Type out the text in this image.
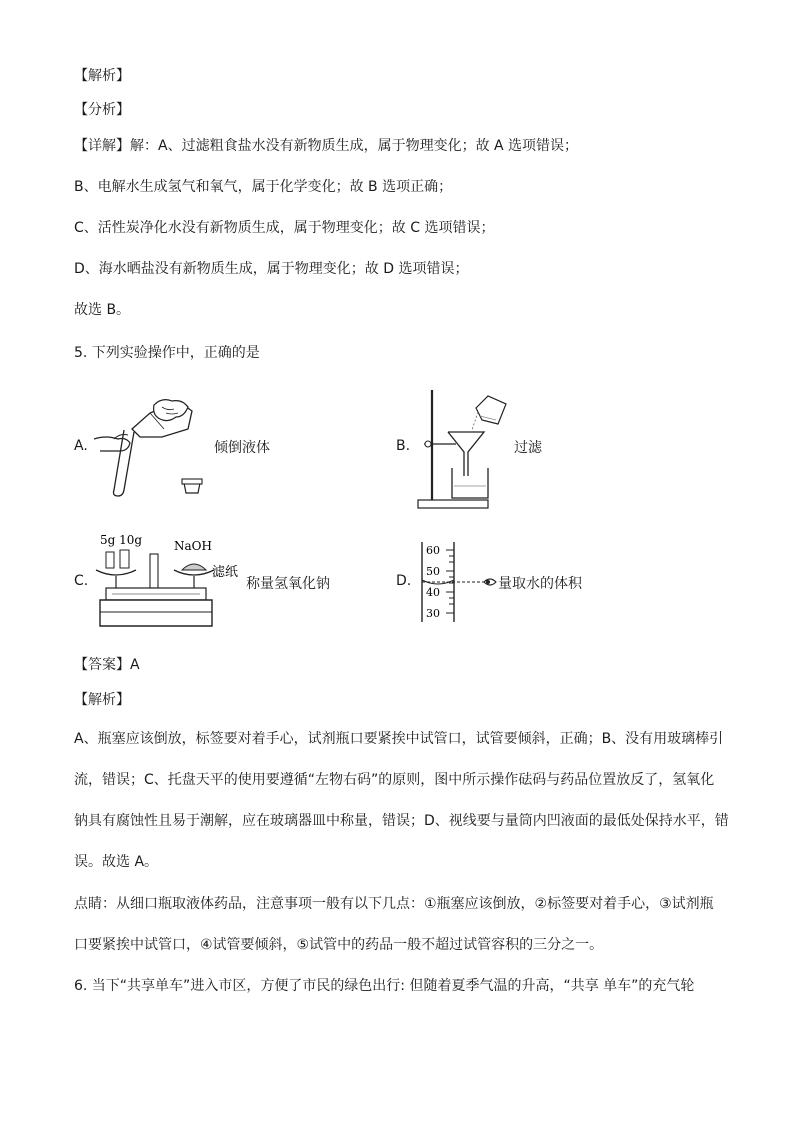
【解析】
【分析】
【详解】解：A、过滤粗食盐水没有新物质生成，属于物理变化；故 A 选项错误；
B、电解水生成氢气和氧气，属于化学变化；故 B 选项正确；
C、活性炭净化水没有新物质生成，属于物理变化；故 C 选项错误；
D、海水晒盐没有新物质生成，属于物理变化；故 D 选项错误；
故选 B。
5. 下列实验操作中，正确的是
A.	倾倒液体	B.	过滤
C.
5g 10g	NaOH
滤纸
称量氢氧化钠	D.
60
50
40
30
量取水的体积
【答案】A
【解析】
A、瓶塞应该倒放，标签要对着手心，试剂瓶口要紧挨中试管口，试管要倾斜，正确；B、没有用玻璃棒引
流，错误；C、托盘天平的使用要遵循“左物右码”的原则，图中所示操作砝码与药品位置放反了，氢氧化
钠具有腐蚀性且易于潮解，应在玻璃器皿中称量，错误；D、视线要与量筒内凹液面的最低处保持水平，错
误。故选 A。
点睛：从细口瓶取液体药品，注意事项一般有以下几点：①瓶塞应该倒放，②标签要对着手心，③试剂瓶
口要紧挨中试管口，④试管要倾斜，⑤试管中的药品一般不超过试管容积的三分之一。
6. 当下“共享单车”进入市区，方便了市民的绿色出行: 但随着夏季气温的升高，“共享 单车”的充气轮
